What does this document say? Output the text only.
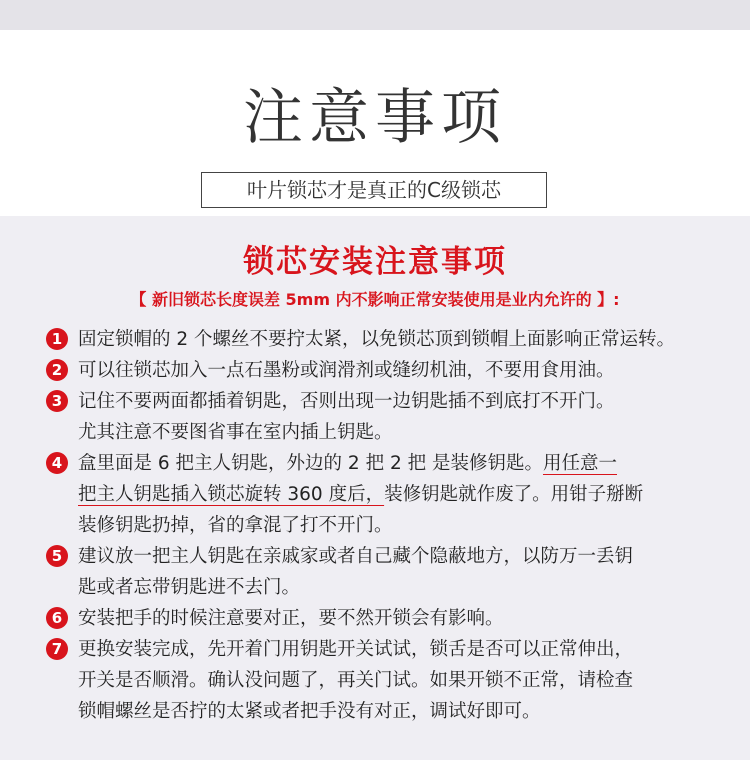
注意事项
叶片锁芯才是真正的C级锁芯
锁芯安装注意事项
【 新旧锁芯长度误差 5mm 内不影响正常安装使用是业内允许的 】:
1 固定锁帽的 2 个螺丝不要拧太紧，以免锁芯顶到锁帽上面影响正常运转。
2 可以往锁芯加入一点石墨粉或润滑剂或缝纫机油，不要用食用油。
3 记住不要两面都插着钥匙，否则出现一边钥匙插不到底打不开门。
尤其注意不要图省事在室内插上钥匙。
4 盒里面是 6 把主人钥匙，外边的 2 把 2 把 是装修钥匙。用任意一
把主人钥匙插入锁芯旋转 360 度后，装修钥匙就作废了。用钳子掰断
装修钥匙扔掉，省的拿混了打不开门。
5 建议放一把主人钥匙在亲戚家或者自己藏个隐蔽地方，以防万一丢钥
匙或者忘带钥匙进不去门。
6 安装把手的时候注意要对正，要不然开锁会有影响。
7 更换安装完成，先开着门用钥匙开关试试，锁舌是否可以正常伸出，
开关是否顺滑。确认没问题了，再关门试。如果开锁不正常，请检查
锁帽螺丝是否拧的太紧或者把手没有对正，调试好即可。
